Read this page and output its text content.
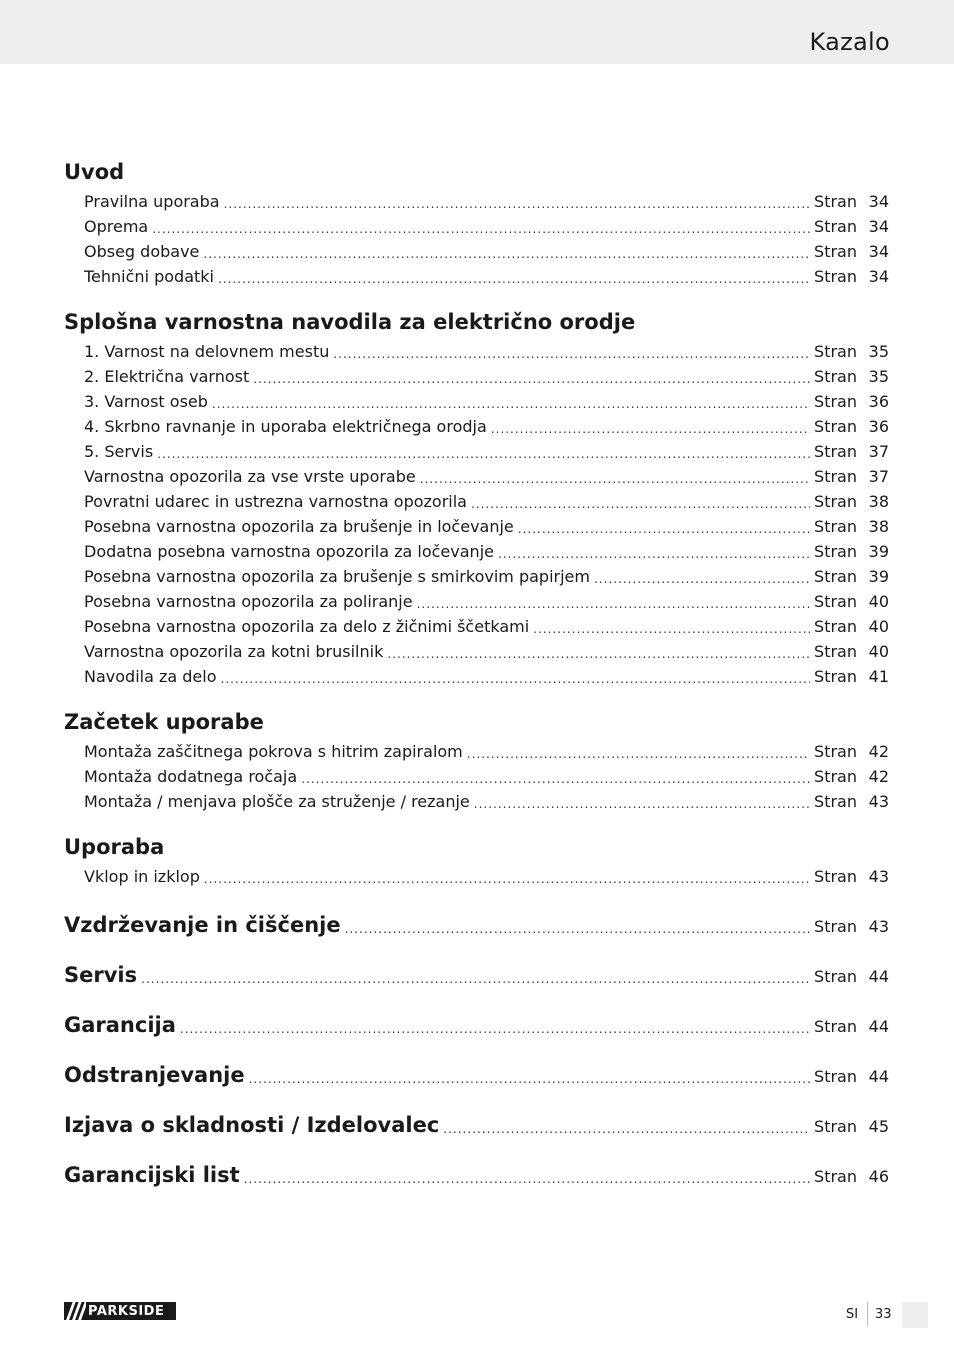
Kazalo
Uvod
Pravilna uporaba .....	Stran 34
Oprema .....	Stran 34
Obseg dobave .....	Stran 34
Tehnični podatki .....	Stran 34
Splošna varnostna navodila za električno orodje
1. Varnost na delovnem mestu .....	Stran 35
2. Električna varnost .....	Stran 35
3. Varnost oseb .....	Stran 36
4. Skrbno ravnanje in uporaba električnega orodja .....	Stran 36
5. Servis .....	Stran 37
Varnostna opozorila za vse vrste uporabe .....	Stran 37
Povratni udarec in ustrezna varnostna opozorila .....	Stran 38
Posebna varnostna opozorila za brušenje in ločevanje .....	Stran 38
Dodatna posebna varnostna opozorila za ločevanje .....	Stran 39
Posebna varnostna opozorila za brušenje s smirkovim papirjem .....	Stran 39
Posebna varnostna opozorila za poliranje .....	Stran 40
Posebna varnostna opozorila za delo z žičnimi ščetkami .....	Stran 40
Varnostna opozorila za kotni brusilnik .....	Stran 40
Navodila za delo .....	Stran 41
Začetek uporabe
Montaža zaščitnega pokrova s hitrim zapiralom .....	Stran 42
Montaža dodatnega ročaja .....	Stran 42
Montaža / menjava plošče za struženje / rezanje .....	Stran 43
Uporaba
Vklop in izklop .....	Stran 43
Vzdrževanje in čiščenje .....	Stran 43
Servis .....	Stran 44
Garancija .....	Stran 44
Odstranjevanje .....	Stran 44
Izjava o skladnosti / Izdelovalec .....	Stran 45
Garancijski list .....	Stran 46
PARKSIDE	SI 33
